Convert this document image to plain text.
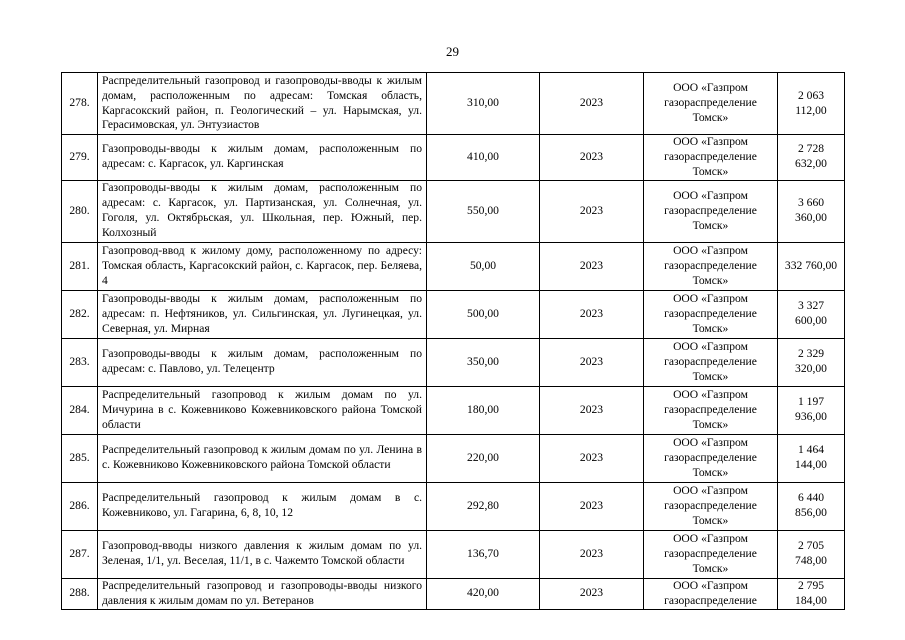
29
278.	Распределительный газопровод и газопроводы-вводы к жилым домам, расположенным по адресам: Томская область, Каргасокский район, п. Геологический – ул. Нарымская, ул. Герасимовская, ул. Энтузиастов	310,00	2023	ООО «Газпром
газораспределение
Томск»	2 063 112,00
279.	Газопроводы-вводы к жилым домам, расположенным по адресам: с. Каргасок, ул. Каргинская	410,00	2023	ООО «Газпром
газораспределение
Томск»	2 728 632,00
280.	Газопроводы-вводы к жилым домам, расположенным по адресам: с. Каргасок, ул. Партизанская, ул. Солнечная, ул. Гоголя, ул. Октябрьская, ул. Школьная, пер. Южный, пер. Колхозный	550,00	2023	ООО «Газпром
газораспределение
Томск»	3 660 360,00
281.	Газопровод-ввод к жилому дому, расположенному по адресу: Томская область, Каргасокский район, с. Каргасок, пер. Беляева, 4	50,00	2023	ООО «Газпром
газораспределение
Томск»	332 760,00
282.	Газопроводы-вводы к жилым домам, расположенным по адресам: п. Нефтяников, ул. Сильгинская, ул. Лугинецкая, ул. Северная, ул. Мирная	500,00	2023	ООО «Газпром
газораспределение
Томск»	3 327 600,00
283.	Газопроводы-вводы к жилым домам, расположенным по адресам: с. Павлово, ул. Телецентр	350,00	2023	ООО «Газпром
газораспределение
Томск»	2 329 320,00
284.	Распределительный газопровод к жилым домам по ул. Мичурина в с. Кожевниково Кожевниковского района Томской области	180,00	2023	ООО «Газпром
газораспределение
Томск»	1 197 936,00
285.	Распределительный газопровод к жилым домам по ул. Ленина в с. Кожевниково Кожевниковского района Томской области	220,00	2023	ООО «Газпром
газораспределение
Томск»	1 464 144,00
286.	Распределительный газопровод к жилым домам в с. Кожевниково, ул. Гагарина, 6, 8, 10, 12	292,80	2023	ООО «Газпром
газораспределение
Томск»	6 440 856,00
287.	Газопровод-вводы низкого давления к жилым домам по ул. Зеленая, 1/1, ул. Веселая, 11/1, в с. Чажемто Томской области	136,70	2023	ООО «Газпром
газораспределение
Томск»	2 705 748,00
288.	Распределительный газопровод и газопроводы-вводы низкого давления к жилым домам по ул. Ветеранов	420,00	2023	ООО «Газпром
газораспределение	2 795 184,00
